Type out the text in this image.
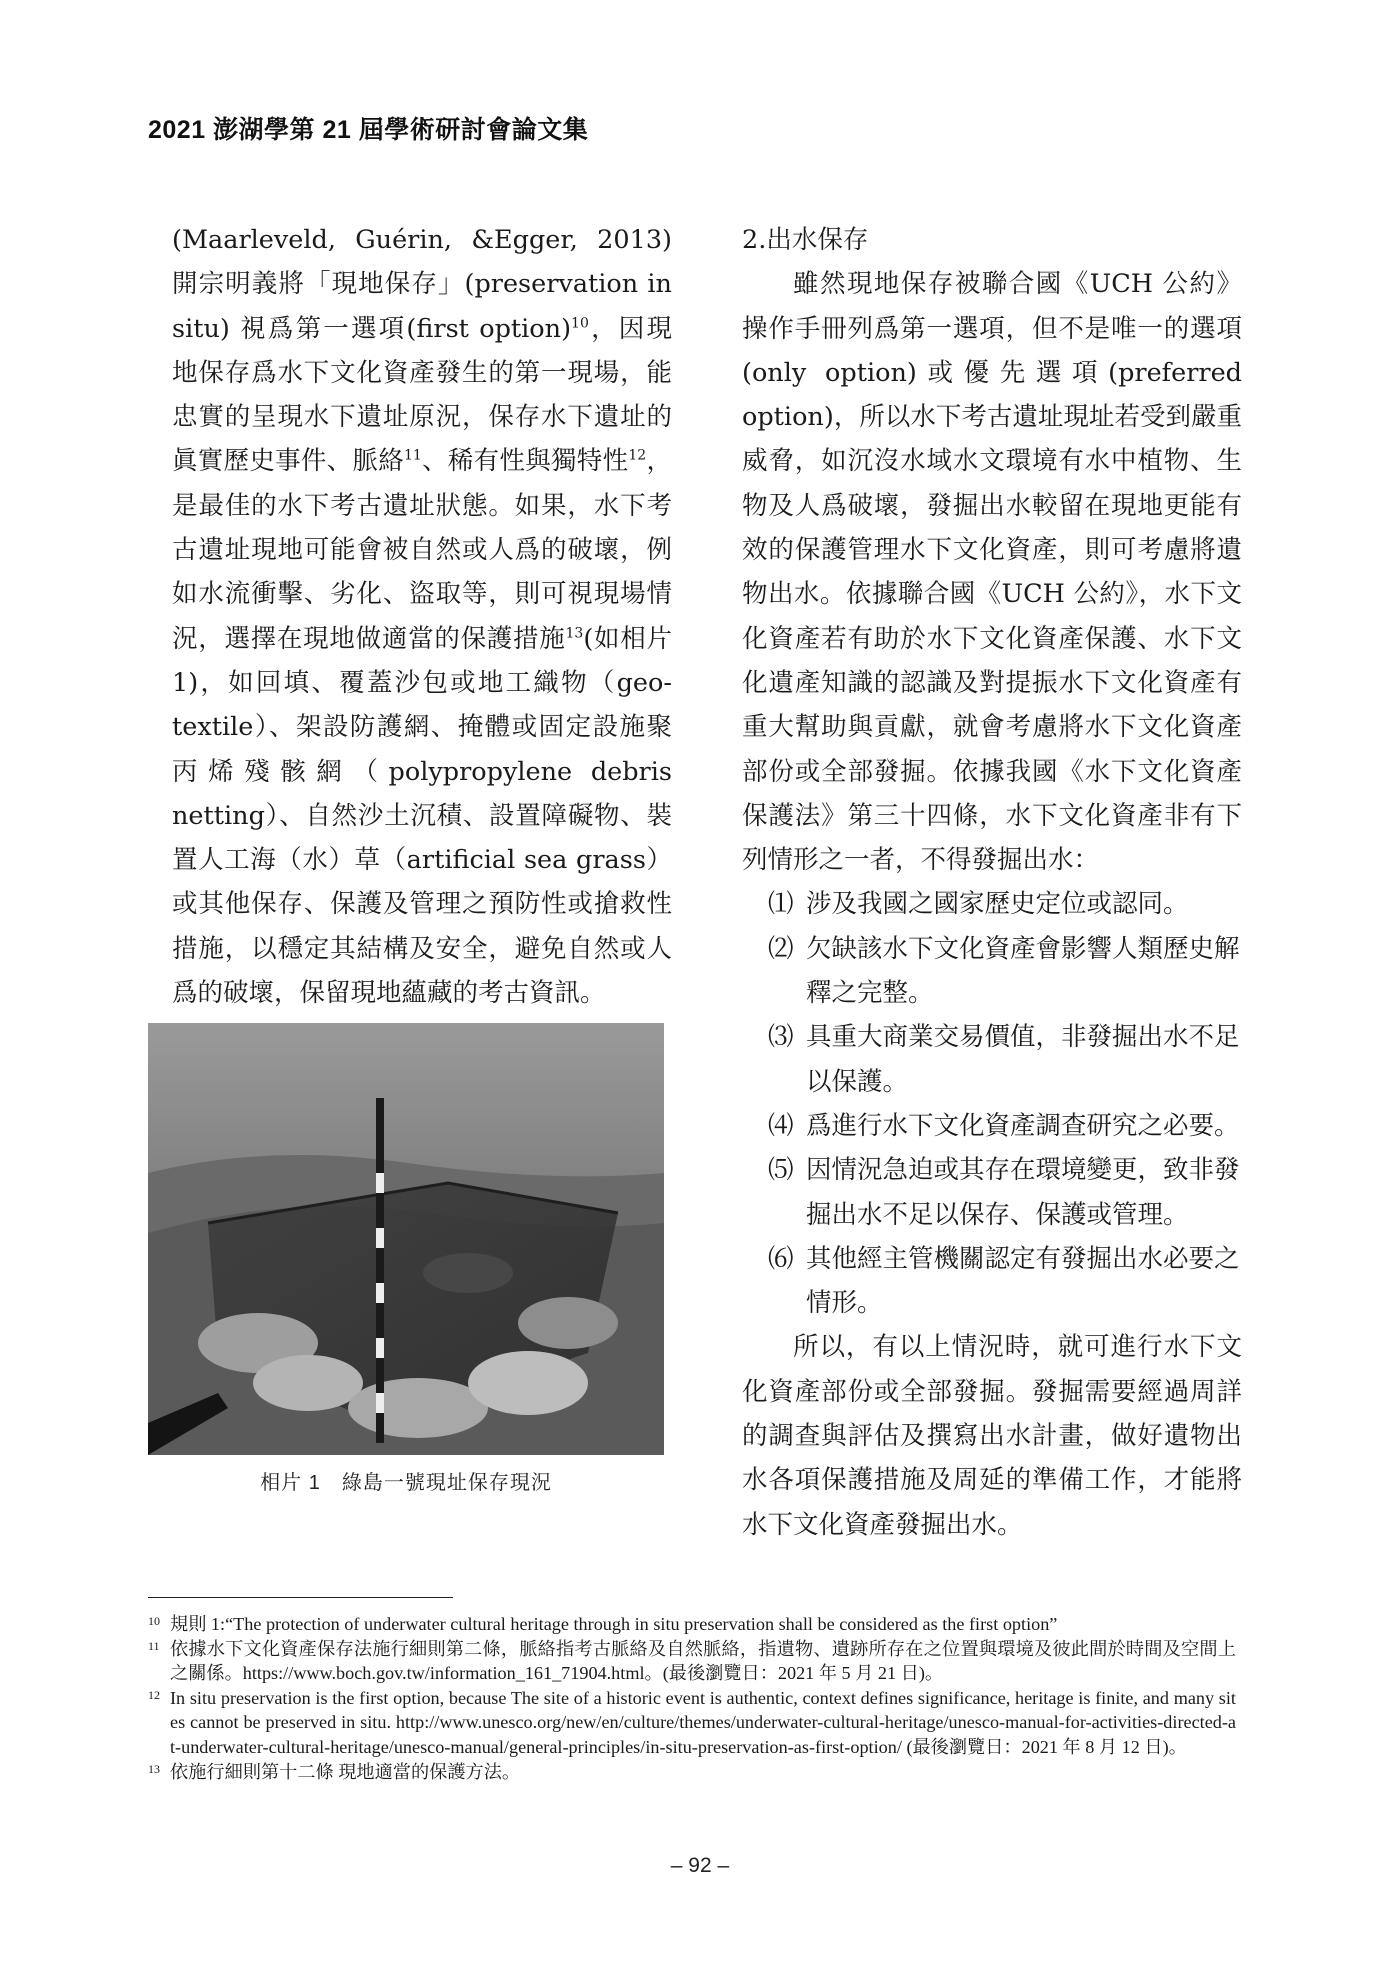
2021 澎湖學第 21 屆學術研討會論文集

(Maarleveld, Guérin, &Egger, 2013) 開宗明義將「現地保存」(preservation in situ) 視爲第一選項(first option)$^{10}$，因現地保存爲水下文化資產發生的第一現場，能忠實的呈現水下遺址原況，保存水下遺址的眞實歷史事件、脈絡$^{11}$、稀有性與獨特性$^{12}$，是最佳的水下考古遺址狀態。如果，水下考古遺址現地可能會被自然或人爲的破壞，例如水流衝擊、劣化、盜取等，則可視現場情況，選擇在現地做適當的保護措施$^{13}$(如相片 1)，如回填、覆蓋沙包或地工織物（geo-textile）、架設防護網、掩體或固定設施聚丙烯殘骸網（polypropylene debris netting）、自然沙土沉積、設置障礙物、裝置人工海（水）草（artificial sea grass）或其他保存、保護及管理之預防性或搶救性措施，以穩定其結構及安全，避免自然或人爲的破壞，保留現地蘊藏的考古資訊。

相片 1　綠島一號現址保存現況

2.出水保存

雖然現地保存被聯合國《UCH 公約》操作手冊列爲第一選項，但不是唯一的選項(only option)或優先選項(preferred option)，所以水下考古遺址現址若受到嚴重威脅，如沉沒水域水文環境有水中植物、生物及人爲破壞，發掘出水較留在現地更能有效的保護管理水下文化資產，則可考慮將遺物出水。依據聯合國《UCH 公約》，水下文化資產若有助於水下文化資產保護、水下文化遺產知識的認識及對提振水下文化資產有重大幫助與貢獻，就會考慮將水下文化資產部份或全部發掘。依據我國《水下文化資產保護法》第三十四條，水下文化資產非有下列情形之一者，不得發掘出水：

⑴ 涉及我國之國家歷史定位或認同。
⑵ 欠缺該水下文化資產會影響人類歷史解釋之完整。
⑶ 具重大商業交易價值，非發掘出水不足以保護。
⑷ 爲進行水下文化資產調查研究之必要。
⑸ 因情況急迫或其存在環境變更，致非發掘出水不足以保存、保護或管理。
⑹ 其他經主管機關認定有發掘出水必要之情形。

所以，有以上情況時，就可進行水下文化資產部份或全部發掘。發掘需要經過周詳的調查與評估及撰寫出水計畫，做好遺物出水各項保護措施及周延的準備工作，才能將水下文化資產發掘出水。

10 規則 1:“The protection of underwater cultural heritage through in situ preservation shall be considered as the first option”

11 依據水下文化資產保存法施行細則第二條，脈絡指考古脈絡及自然脈絡，指遺物、遺跡所存在之位置與環境及彼此間於時間及空間上之關係。https://www.boch.gov.tw/information_161_71904.html。(最後瀏覽日：2021 年 5 月 21 日)。

12 In situ preservation is the first option, because The site of a historic event is authentic, context defines significance, heritage is finite, and many sites cannot be preserved in situ. http://www.unesco.org/new/en/culture/themes/underwater-cultural-heritage/unesco-manual-for-activities-directed-at-underwater-cultural-heritage/unesco-manual/general-principles/in-situ-preservation-as-first-option/ (最後瀏覽日：2021 年 8 月 12 日)。

13 依施行細則第十二條 現地適當的保護方法。

– 92 –
